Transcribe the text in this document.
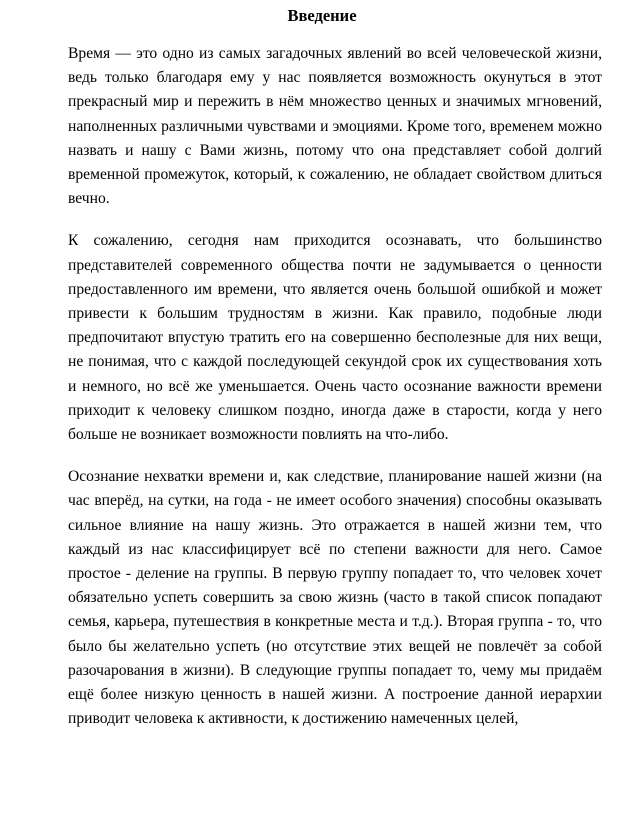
Введение

Время — это одно из самых загадочных явлений во всей человеческой жизни, ведь только благодаря ему у нас появляется возможность окунуться в этот прекрасный мир и пережить в нём множество ценных и значимых мгновений, наполненных различными чувствами и эмоциями. Кроме того, временем можно назвать и нашу с Вами жизнь, потому что она представляет собой долгий временной промежуток, который, к сожалению, не обладает свойством длиться вечно.

К сожалению, сегодня нам приходится осознавать, что большинство представителей современного общества почти не задумывается о ценности предоставленного им времени, что является очень большой ошибкой и может привести к большим трудностям в жизни. Как правило, подобные люди предпочитают впустую тратить его на совершенно бесполезные для них вещи, не понимая, что с каждой последующей секундой срок их существования хоть и немного, но всё же уменьшается. Очень часто осознание важности времени приходит к человеку слишком поздно, иногда даже в старости, когда у него больше не возникает возможности повлиять на что-либо.

Осознание нехватки времени и, как следствие, планирование нашей жизни (на час вперёд, на сутки, на года - не имеет особого значения) способны оказывать сильное влияние на нашу жизнь. Это отражается в нашей жизни тем, что каждый из нас классифицирует всё по степени важности для него. Самое простое - деление на группы. В первую группу попадает то, что человек хочет обязательно успеть совершить за свою жизнь (часто в такой список попадают семья, карьера, путешествия в конкретные места и т.д.). Вторая группа - то, что было бы желательно успеть (но отсутствие этих вещей не повлечёт за собой разочарования в жизни). В следующие группы попадает то, чему мы придаём ещё более низкую ценность в нашей жизни. А построение данной иерархии приводит человека к активности, к достижению намеченных целей,
